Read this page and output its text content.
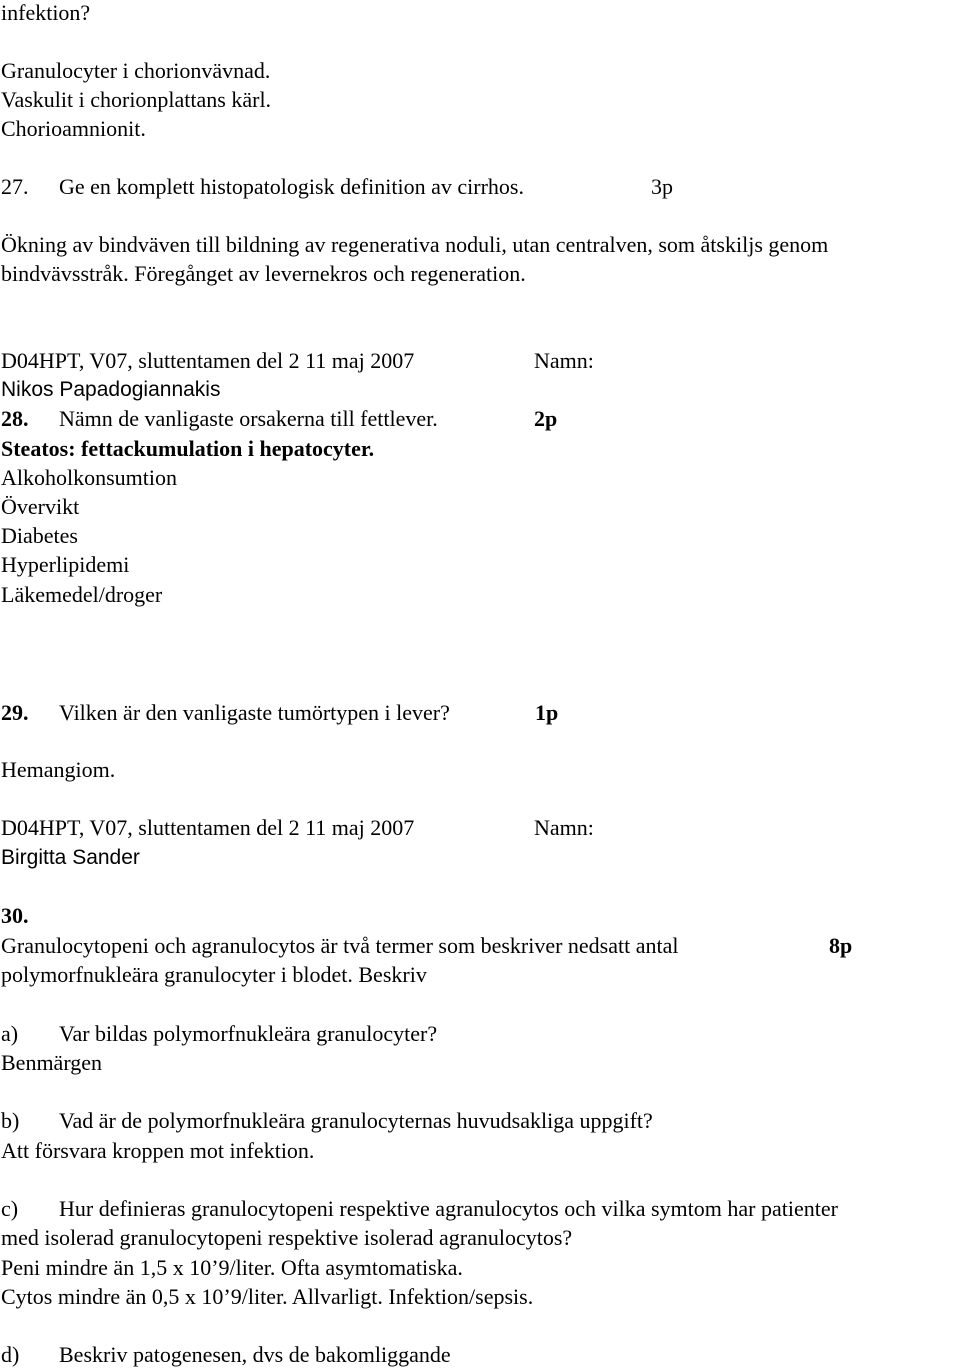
infektion?
Granulocyter i chorionvävnad.
Vaskulit i chorionplattans kärl.
Chorioamnionit.
27. Ge en komplett histopatologisk definition av cirrhos.	3p
Ökning av bindväven till bildning av regenerativa noduli, utan centralven, som åtskiljs genom
bindvävsstråk. Föregånget av levernekros och regeneration.
D04HPT, V07, sluttentamen del 2 11 maj 2007	Namn:
Nikos Papadogiannakis
28. Nämn de vanligaste orsakerna till fettlever.	2p
Steatos: fettackumulation i hepatocyter.
Alkoholkonsumtion
Övervikt
Diabetes
Hyperlipidemi
Läkemedel/droger
29. Vilken är den vanligaste tumörtypen i lever?	1p
Hemangiom.
D04HPT, V07, sluttentamen del 2 11 maj 2007	Namn:
Birgitta Sander
30.
Granulocytopeni och agranulocytos är två termer som beskriver nedsatt antal	8p
polymorfnukleära granulocyter i blodet. Beskriv
a) Var bildas polymorfnukleära granulocyter?
Benmärgen
b) Vad är de polymorfnukleära granulocyternas huvudsakliga uppgift?
Att försvara kroppen mot infektion.
c) Hur definieras granulocytopeni respektive agranulocytos och vilka symtom har patienter
med isolerad granulocytopeni respektive isolerad agranulocytos?
Peni mindre än 1,5 x 10’9/liter. Ofta asymtomatiska.
Cytos mindre än 0,5 x 10’9/liter. Allvarligt. Infektion/sepsis.
d) Beskriv patogenesen, dvs de bakomliggande
